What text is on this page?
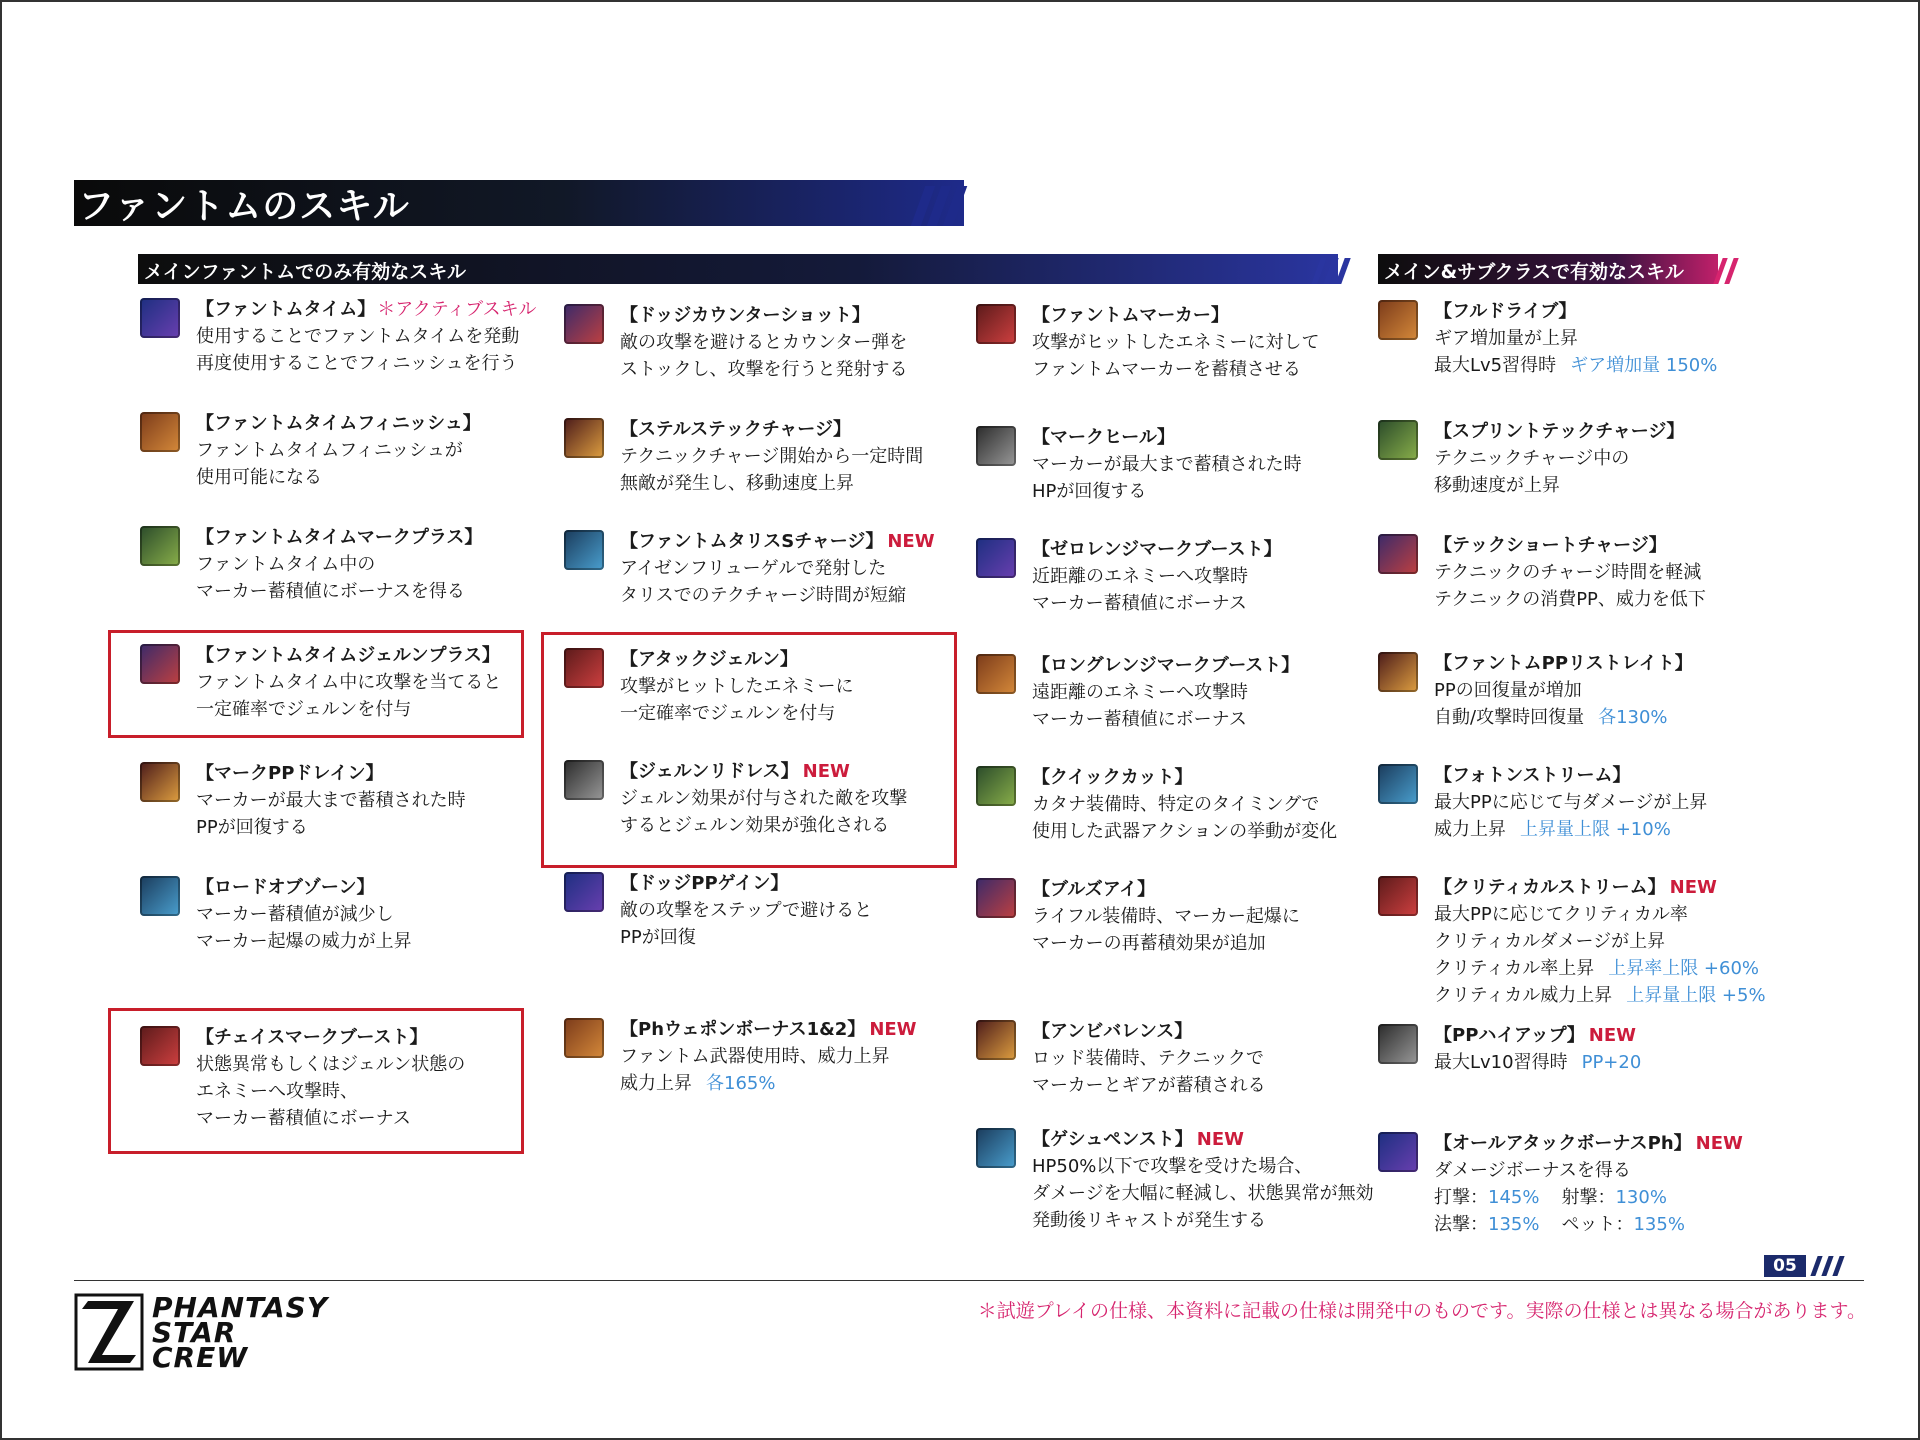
ファントムのスキル
メインファントムでのみ有効なスキル	メイン&サブクラスで有効なスキル
【ファントムタイム】 ＊アクティブスキル
使用することでファントムタイムを発動
再度使用することでフィニッシュを行う
【ファントムタイムフィニッシュ】
ファントムタイムフィニッシュが
使用可能になる
【ファントムタイムマークプラス】
ファントムタイム中の
マーカー蓄積値にボーナスを得る
【ファントムタイムジェルンプラス】
ファントムタイム中に攻撃を当てると
一定確率でジェルンを付与
【マークPPドレイン】
マーカーが最大まで蓄積された時
PPが回復する
【ロードオブゾーン】
マーカー蓄積値が減少し
マーカー起爆の威力が上昇
【チェイスマークブースト】
状態異常もしくはジェルン状態の
エネミーへ攻撃時、
マーカー蓄積値にボーナス
【ドッジカウンターショット】
敵の攻撃を避けるとカウンター弾を
ストックし、攻撃を行うと発射する
【ステルステックチャージ】
テクニックチャージ開始から一定時間
無敵が発生し、移動速度上昇
【ファントムタリスSチャージ】 NEW
アイゼンフリューゲルで発射した
タリスでのテクチャージ時間が短縮
【アタックジェルン】
攻撃がヒットしたエネミーに
一定確率でジェルンを付与
【ジェルンリドレス】 NEW
ジェルン効果が付与された敵を攻撃
するとジェルン効果が強化される
【ドッジPPゲイン】
敵の攻撃をステップで避けると
PPが回復
【Phウェポンボーナス1&2】 NEW
ファントム武器使用時、威力上昇
威力上昇 各165%
【ファントムマーカー】
攻撃がヒットしたエネミーに対して
ファントムマーカーを蓄積させる
【マークヒール】
マーカーが最大まで蓄積された時
HPが回復する
【ゼロレンジマークブースト】
近距離のエネミーへ攻撃時
マーカー蓄積値にボーナス
【ロングレンジマークブースト】
遠距離のエネミーへ攻撃時
マーカー蓄積値にボーナス
【クイックカット】
カタナ装備時、特定のタイミングで
使用した武器アクションの挙動が変化
【ブルズアイ】
ライフル装備時、マーカー起爆に
マーカーの再蓄積効果が追加
【アンビバレンス】
ロッド装備時、テクニックで
マーカーとギアが蓄積される
【ゲシュペンスト】 NEW
HP50%以下で攻撃を受けた場合、
ダメージを大幅に軽減し、状態異常が無効
発動後リキャストが発生する
【フルドライブ】
ギア増加量が上昇
最大Lv5習得時 ギア増加量 150%
【スプリントテックチャージ】
テクニックチャージ中の
移動速度が上昇
【テックショートチャージ】
テクニックのチャージ時間を軽減
テクニックの消費PP、威力を低下
【ファントムPPリストレイト】
PPの回復量が増加
自動/攻撃時回復量 各130%
【フォトンストリーム】
最大PPに応じて与ダメージが上昇
威力上昇 上昇量上限 +10%
【クリティカルストリーム】 NEW
最大PPに応じてクリティカル率
クリティカルダメージが上昇
クリティカル率上昇 上昇率上限 +60%
クリティカル威力上昇 上昇量上限 +5%
【PPハイアップ】 NEW
最大Lv10習得時 PP+20
【オールアタックボーナスPh】 NEW
ダメージボーナスを得る
打撃：145% 射撃：130%
法撃：135% ペット：135%
05
＊試遊プレイの仕様、本資料に記載の仕様は開発中のものです。実際の仕様とは異なる場合があります。
PHANTASY
STAR
CREW
